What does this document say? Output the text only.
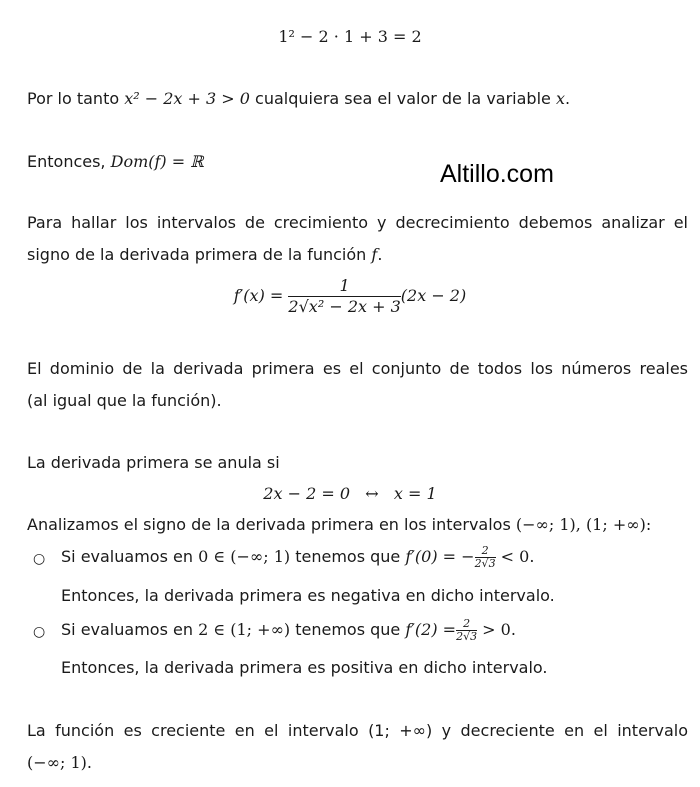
1² − 2 · 1 + 3 = 2
Por lo tanto x² − 2x + 3 > 0 cualquiera sea el valor de la variable x.
Entonces, Dom(f) = ℝ	Altillo.com
Para hallar los intervalos de crecimiento y decrecimiento debemos analizar el
signo de la derivada primera de la función f.
$f'(x) = \frac{1}{\text{2√x² − 2x + 3}} (2x - 2)$
El dominio de la derivada primera es el conjunto de todos los números reales
(al igual que la función).
La derivada primera se anula si
2x − 2 = 0   ↔   x = 1
Analizamos el signo de la derivada primera en los intervalos (−∞; 1), (1; +∞):
○ Si evaluamos en 0 ∈ (−∞; 1) tenemos que f′(0) = − $\frac{2}{2√3} < 0$.
Entonces, la derivada primera es negativa en dicho intervalo.
○ Si evaluamos en 2 ∈ (1; +∞) tenemos que $f'(2) = \frac{2}{2√3} > 0$.
Entonces, la derivada primera es positiva en dicho intervalo.
La función es creciente en el intervalo (1; +∞) y decreciente en el intervalo
(−∞; 1).
